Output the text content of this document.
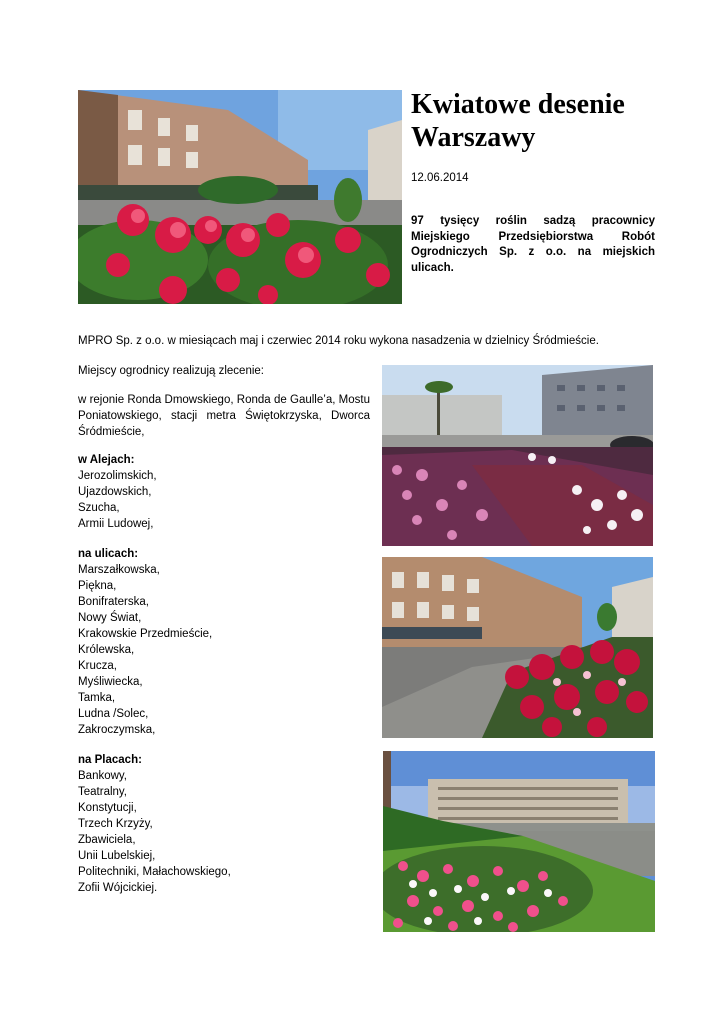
Kwiatowe desenie
Warszawy
12.06.2014
97 tysięcy roślin sadzą pracownicy Miejskiego Przedsiębiorstwa Robót Ogrodniczych Sp. z o.o. na miejskich ulicach.
MPRO Sp. z o.o. w miesiącach maj i czerwiec 2014 roku wykona nasadzenia w dzielnicy Śródmieście.
Miejscy ogrodnicy realizują zlecenie:
w rejonie Ronda Dmowskiego, Ronda de Gaulle’a, Mostu Poniatowskiego, stacji metra Świętokrzyska, Dworca Śródmieście,
w Alejach:
Jerozolimskich,
Ujazdowskich,
Szucha,
Armii Ludowej,
na ulicach:
Marszałkowska,
Piękna,
Bonifraterska,
Nowy Świat,
Krakowskie Przedmieście,
Królewska,
Krucza,
Myśliwiecka,
Tamka,
Ludna /Solec,
Zakroczymska,
na Placach:
Bankowy,
Teatralny,
Konstytucji,
Trzech Krzyży,
Zbawiciela,
Unii Lubelskiej,
Politechniki, Małachowskiego,
Zofii Wójcickiej.
